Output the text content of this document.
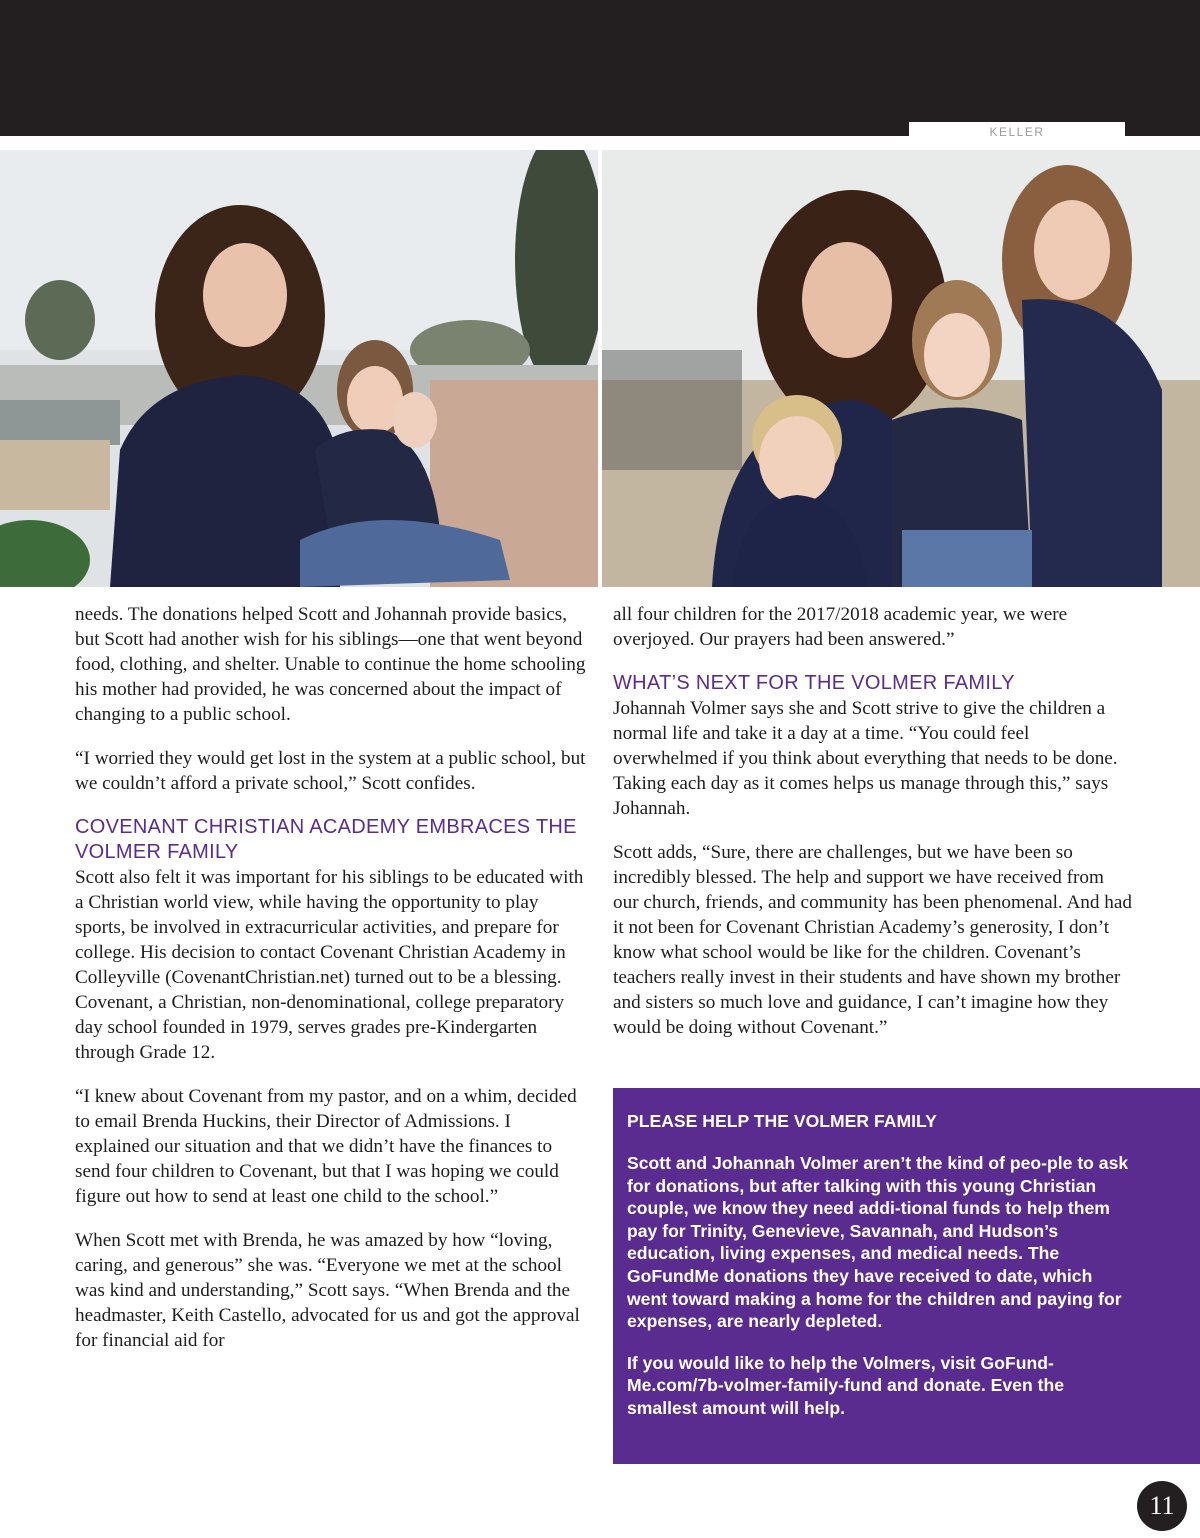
KELLER

needs. The donations helped Scott and Johannah provide basics, but Scott had another wish for his siblings—one that went beyond food, clothing, and shelter. Unable to continue the home schooling his mother had provided, he was concerned about the impact of changing to a public school.

“I worried they would get lost in the system at a public school, but we couldn’t afford a private school,” Scott confides.

COVENANT CHRISTIAN ACADEMY EMBRACES THE VOLMER FAMILY

Scott also felt it was important for his siblings to be educated with a Christian world view, while having the opportunity to play sports, be involved in extracurricular activities, and prepare for college. His decision to contact Covenant Christian Academy in Colleyville (CovenantChristian.net) turned out to be a blessing. Covenant, a Christian, non-denominational, college preparatory day school founded in 1979, serves grades pre-Kindergarten through Grade 12.

“I knew about Covenant from my pastor, and on a whim, decided to email Brenda Huckins, their Director of Admissions. I explained our situation and that we didn’t have the finances to send four children to Covenant, but that I was hoping we could figure out how to send at least one child to the school.”

When Scott met with Brenda, he was amazed by how “loving, caring, and generous” she was. “Everyone we met at the school was kind and understanding,” Scott says. “When Brenda and the headmaster, Keith Castello, advocated for us and got the approval for financial aid for

all four children for the 2017/2018 academic year, we were overjoyed. Our prayers had been answered.”

WHAT’S NEXT FOR THE VOLMER FAMILY

Johannah Volmer says she and Scott strive to give the children a normal life and take it a day at a time. “You could feel overwhelmed if you think about everything that needs to be done. Taking each day as it comes helps us manage through this,” says Johannah.

Scott adds, “Sure, there are challenges, but we have been so incredibly blessed. The help and support we have received from our church, friends, and community has been phenomenal. And had it not been for Covenant Christian Academy’s generosity, I don’t know what school would be like for the children. Covenant’s teachers really invest in their students and have shown my brother and sisters so much love and guidance, I can’t imagine how they would be doing without Covenant.”

PLEASE HELP THE VOLMER FAMILY

Scott and Johannah Volmer aren’t the kind of peo-ple to ask for donations, but after talking with this young Christian couple, we know they need addi-tional funds to help them pay for Trinity, Genevieve, Savannah, and Hudson’s education, living expenses, and medical needs. The GoFundMe donations they have received to date, which went toward making a home for the children and paying for expenses, are nearly depleted.

If you would like to help the Volmers, visit GoFund-Me.com/7b-volmer-family-fund and donate. Even the smallest amount will help.

11
